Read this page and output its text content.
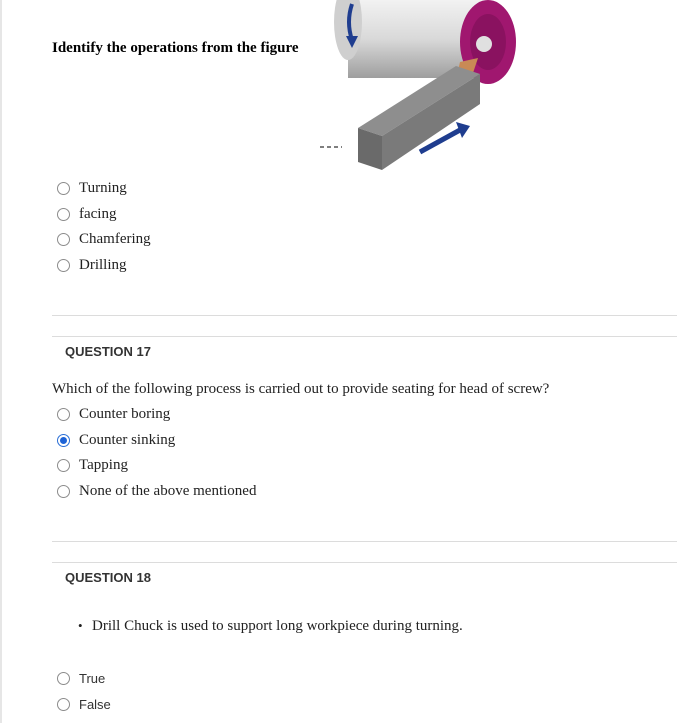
Identify the operations from the figure
Turning
facing
Chamfering
Drilling
QUESTION 17
Which of the following process is carried out to provide seating for head of screw?
Counter boring
Counter sinking
Tapping
None of the above mentioned
QUESTION 18
• Drill Chuck is used to support long workpiece during turning.
True
False
